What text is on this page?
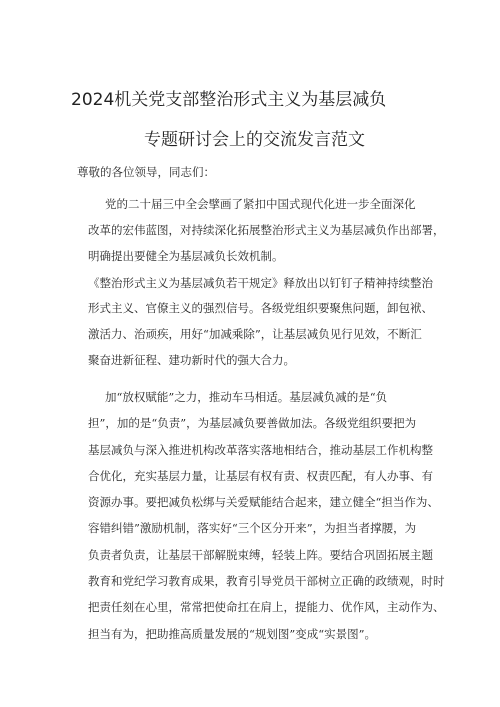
2024机关党支部整治形式主义为基层减负
专题研讨会上的交流发言范文

尊敬的各位领导，同志们：

党的二十届三中全会擘画了紧扣中国式现代化进一步全面深化
改革的宏伟蓝图，对持续深化拓展整治形式主义为基层减负作出部署，
明确提出要健全为基层减负长效机制。
《整治形式主义为基层减负若干规定》释放出以钉钉子精神持续整治
形式主义、官僚主义的强烈信号。各级党组织要聚焦问题，卸包袱、
激活力、治顽疾，用好“加减乘除”，让基层减负见行见效，不断汇
聚奋进新征程、建功新时代的强大合力。
加“放权赋能”之力，推动车马相适。基层减负减的是“负
担”，加的是“负责”，为基层减负要善做加法。各级党组织要把为
基层减负与深入推进机构改革落实落地相结合，推动基层工作机构整
合优化，充实基层力量，让基层有权有责、权责匹配，有人办事、有
资源办事。要把减负松绑与关爱赋能结合起来，建立健全“担当作为、
容错纠错”激励机制，落实好“三个区分开来”，为担当者撑腰，为
负责者负责，让基层干部解脱束缚，轻装上阵。要结合巩固拓展主题
教育和党纪学习教育成果，教育引导党员干部树立正确的政绩观，时时
把责任刻在心里，常常把使命扛在肩上，提能力、优作风，主动作为、
担当有为，把助推高质量发展的“规划图”变成“实景图”。
